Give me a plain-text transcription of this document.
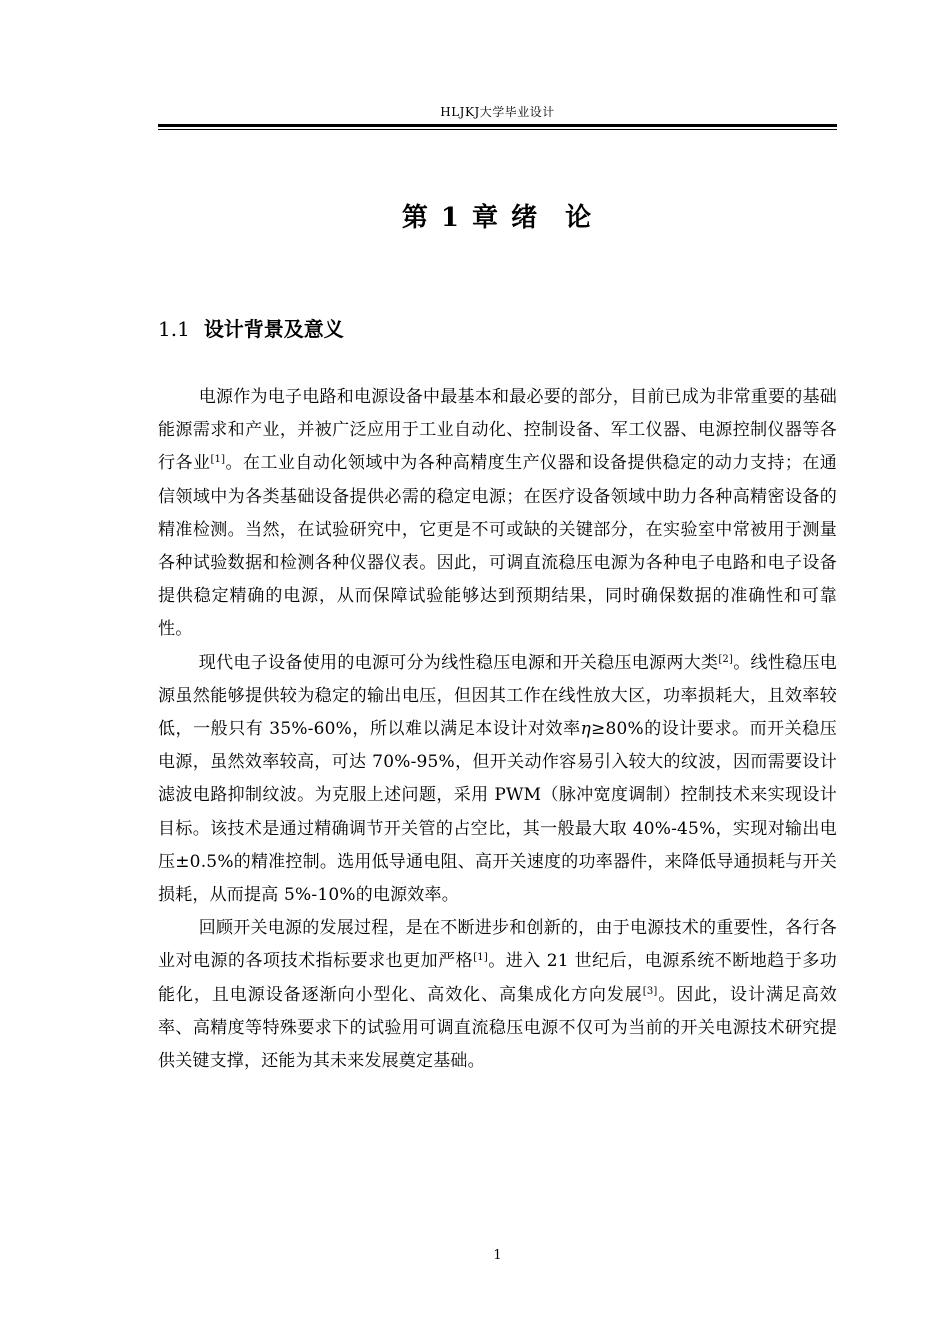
HLJKJ大学毕业设计
第 1 章 绪 论
1.1 设计背景及意义

电源作为电子电路和电源设备中最基本和最必要的部分，目前已成为非常重要的基础能源需求和产业，并被广泛应用于工业自动化、控制设备、军工仪器、电源控制仪器等各行各业[1]。在工业自动化领域中为各种高精度生产仪器和设备提供稳定的动力支持；在通信领域中为各类基础设备提供必需的稳定电源；在医疗设备领域中助力各种高精密设备的精准检测。当然，在试验研究中，它更是不可或缺的关键部分，在实验室中常被用于测量各种试验数据和检测各种仪器仪表。因此，可调直流稳压电源为各种电子电路和电子设备提供稳定精确的电源，从而保障试验能够达到预期结果，同时确保数据的准确性和可靠性。

现代电子设备使用的电源可分为线性稳压电源和开关稳压电源两大类[2]。线性稳压电源虽然能够提供较为稳定的输出电压，但因其工作在线性放大区，功率损耗大，且效率较低，一般只有 35%-60%，所以难以满足本设计对效率η≥80%的设计要求。而开关稳压电源，虽然效率较高，可达 70%-95%，但开关动作容易引入较大的纹波，因而需要设计滤波电路抑制纹波。为克服上述问题，采用 PWM（脉冲宽度调制）控制技术来实现设计目标。该技术是通过精确调节开关管的占空比，其一般最大取 40%-45%，实现对输出电压±0.5%的精准控制。选用低导通电阻、高开关速度的功率器件，来降低导通损耗与开关损耗，从而提高 5%-10%的电源效率。

回顾开关电源的发展过程，是在不断进步和创新的，由于电源技术的重要性，各行各业对电源的各项技术指标要求也更加严格[1]。进入 21 世纪后，电源系统不断地趋于多功能化，且电源设备逐渐向小型化、高效化、高集成化方向发展[3]。因此，设计满足高效率、高精度等特殊要求下的试验用可调直流稳压电源不仅可为当前的开关电源技术研究提供关键支撑，还能为其未来发展奠定基础。

1
